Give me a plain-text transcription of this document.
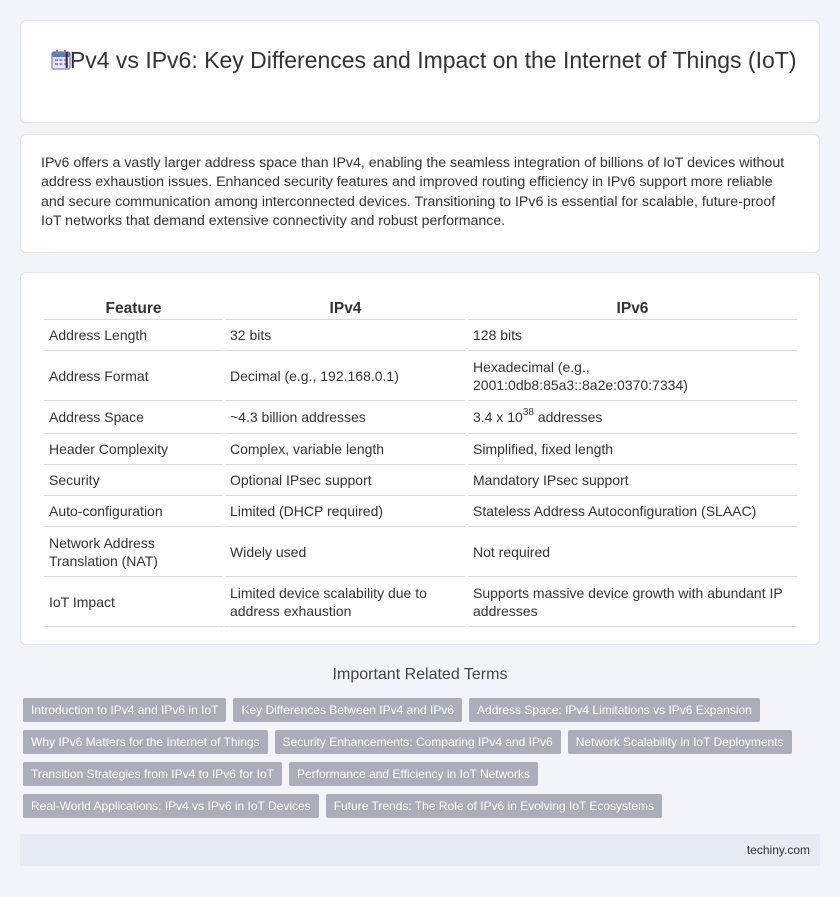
IPv4 vs IPv6: Key Differences and Impact on the Internet of Things (IoT)

IPv6 offers a vastly larger address space than IPv4, enabling the seamless integration of billions of IoT devices without address exhaustion issues. Enhanced security features and improved routing efficiency in IPv6 support more reliable and secure communication among interconnected devices. Transitioning to IPv6 is essential for scalable, future-proof IoT networks that demand extensive connectivity and robust performance.

Feature	IPv4	IPv6
Address Length	32 bits	128 bits
Address Format	Decimal (e.g., 192.168.0.1)	Hexadecimal (e.g., 2001:0db8:85a3::8a2e:0370:7334)
Address Space	~4.3 billion addresses	3.4 x $10^{38}$ addresses
Header Complexity	Complex, variable length	Simplified, fixed length
Security	Optional IPsec support	Mandatory IPsec support
Auto-configuration	Limited (DHCP required)	Stateless Address Autoconfiguration (SLAAC)
Network Address Translation (NAT)	Widely used	Not required
IoT Impact	Limited device scalability due to address exhaustion	Supports massive device growth with abundant IP addresses
Important Related Terms
Introduction to IPv4 and IPv6 in IoT	Key Differences Between IPv4 and IPv6	Address Space: IPv4 Limitations vs IPv6 Expansion
Why IPv6 Matters for the Internet of Things	Security Enhancements: Comparing IPv4 and IPv6	Network Scalability in IoT Deployments
Transition Strategies from IPv4 to IPv6 for IoT	Performance and Efficiency in IoT Networks
Real-World Applications: IPv4 vs IPv6 in IoT Devices	Future Trends: The Role of IPv6 in Evolving IoT Ecosystems
techiny.com
